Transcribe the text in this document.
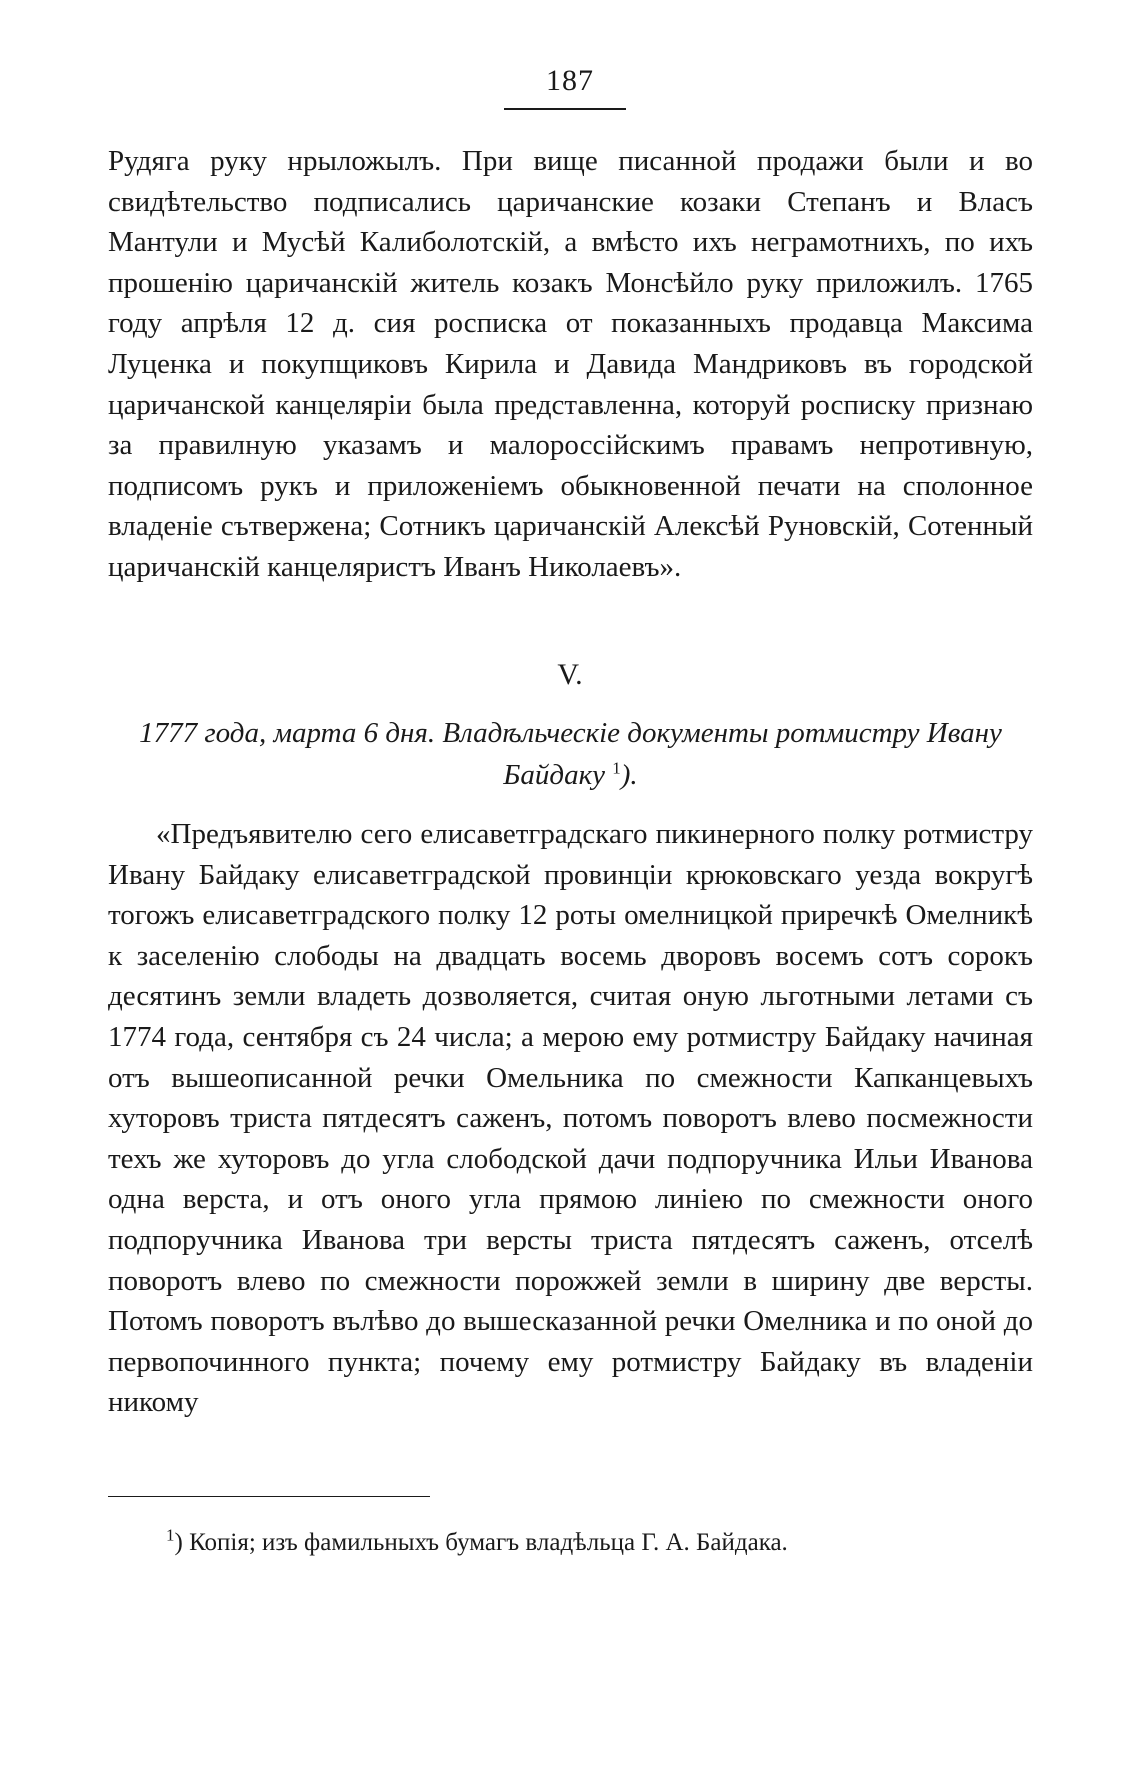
187
Рудяга руку нрыложылъ. При вище писанной продажи были и во свидѣтельство подписались царичанские козаки Степанъ и Власъ Мантули и Мусѣй Калиболотскій, а вмѣсто ихъ неграмотнихъ, по ихъ прошенію царичанскій житель козакъ Монсѣйло руку приложилъ. 1765 году апрѣля 12 д. сия росписка от показанныхъ продавца Максима Луценка и покупщиковъ Кирила и Давида Мандриковъ въ городской царичанской канцеляріи была представленна, которуй роспиcку признаю за правилную указамъ и малороссійскимъ правамъ непротивную, подписомъ рукъ и приложеніемъ обыкновенной печати на сполонное владеніе сътвержена; Сотникъ царичанскій Алексѣй Руновскій, Сотенный царичанскій канцеляристъ Иванъ Николаевъ».
V.
1777 года, марта 6 дня. Владѣльческіе документы ротмистру Ивану Байдаку $^1$).
«Предъявителю сего елисаветградскаго пикинерного полку ротмистру Ивану Байдаку елисаветградской провинціи крюковскаго уезда вокругѣ тогожъ елисаветградского полку 12 роты омелницкой приречкѣ Омелникѣ к заселенію слободы на двадцать восемь дворовъ восемъ сотъ сорокъ десятинъ земли владеть дозволяется, считая оную льготными летами съ 1774 года, сентября съ 24 числа; а мерою ему ротмистру Байдаку начиная отъ вышеописанной речки Омельника по смежности Капканцевыхъ хуторовъ триста пятдесятъ саженъ, потомъ поворотъ влево посмежности техъ же хуторовъ до угла слободской дачи подпоручника Ильи Иванова одна верста, и отъ оного угла прямою линіею по смежности оного подпоручника Иванова три версты триста пятдесятъ саженъ, отселѣ поворотъ влево по смежности порожжей земли в ширину две версты. Потомъ поворотъ вълѣво до вышесказанной речки Омелника и по оной до первопочинного пункта; почему ему ротмистру Байдаку въ владеніи никому
$^1$) Копія; изъ фамильныхъ бумагъ владѣльца Г. А. Байдака.
